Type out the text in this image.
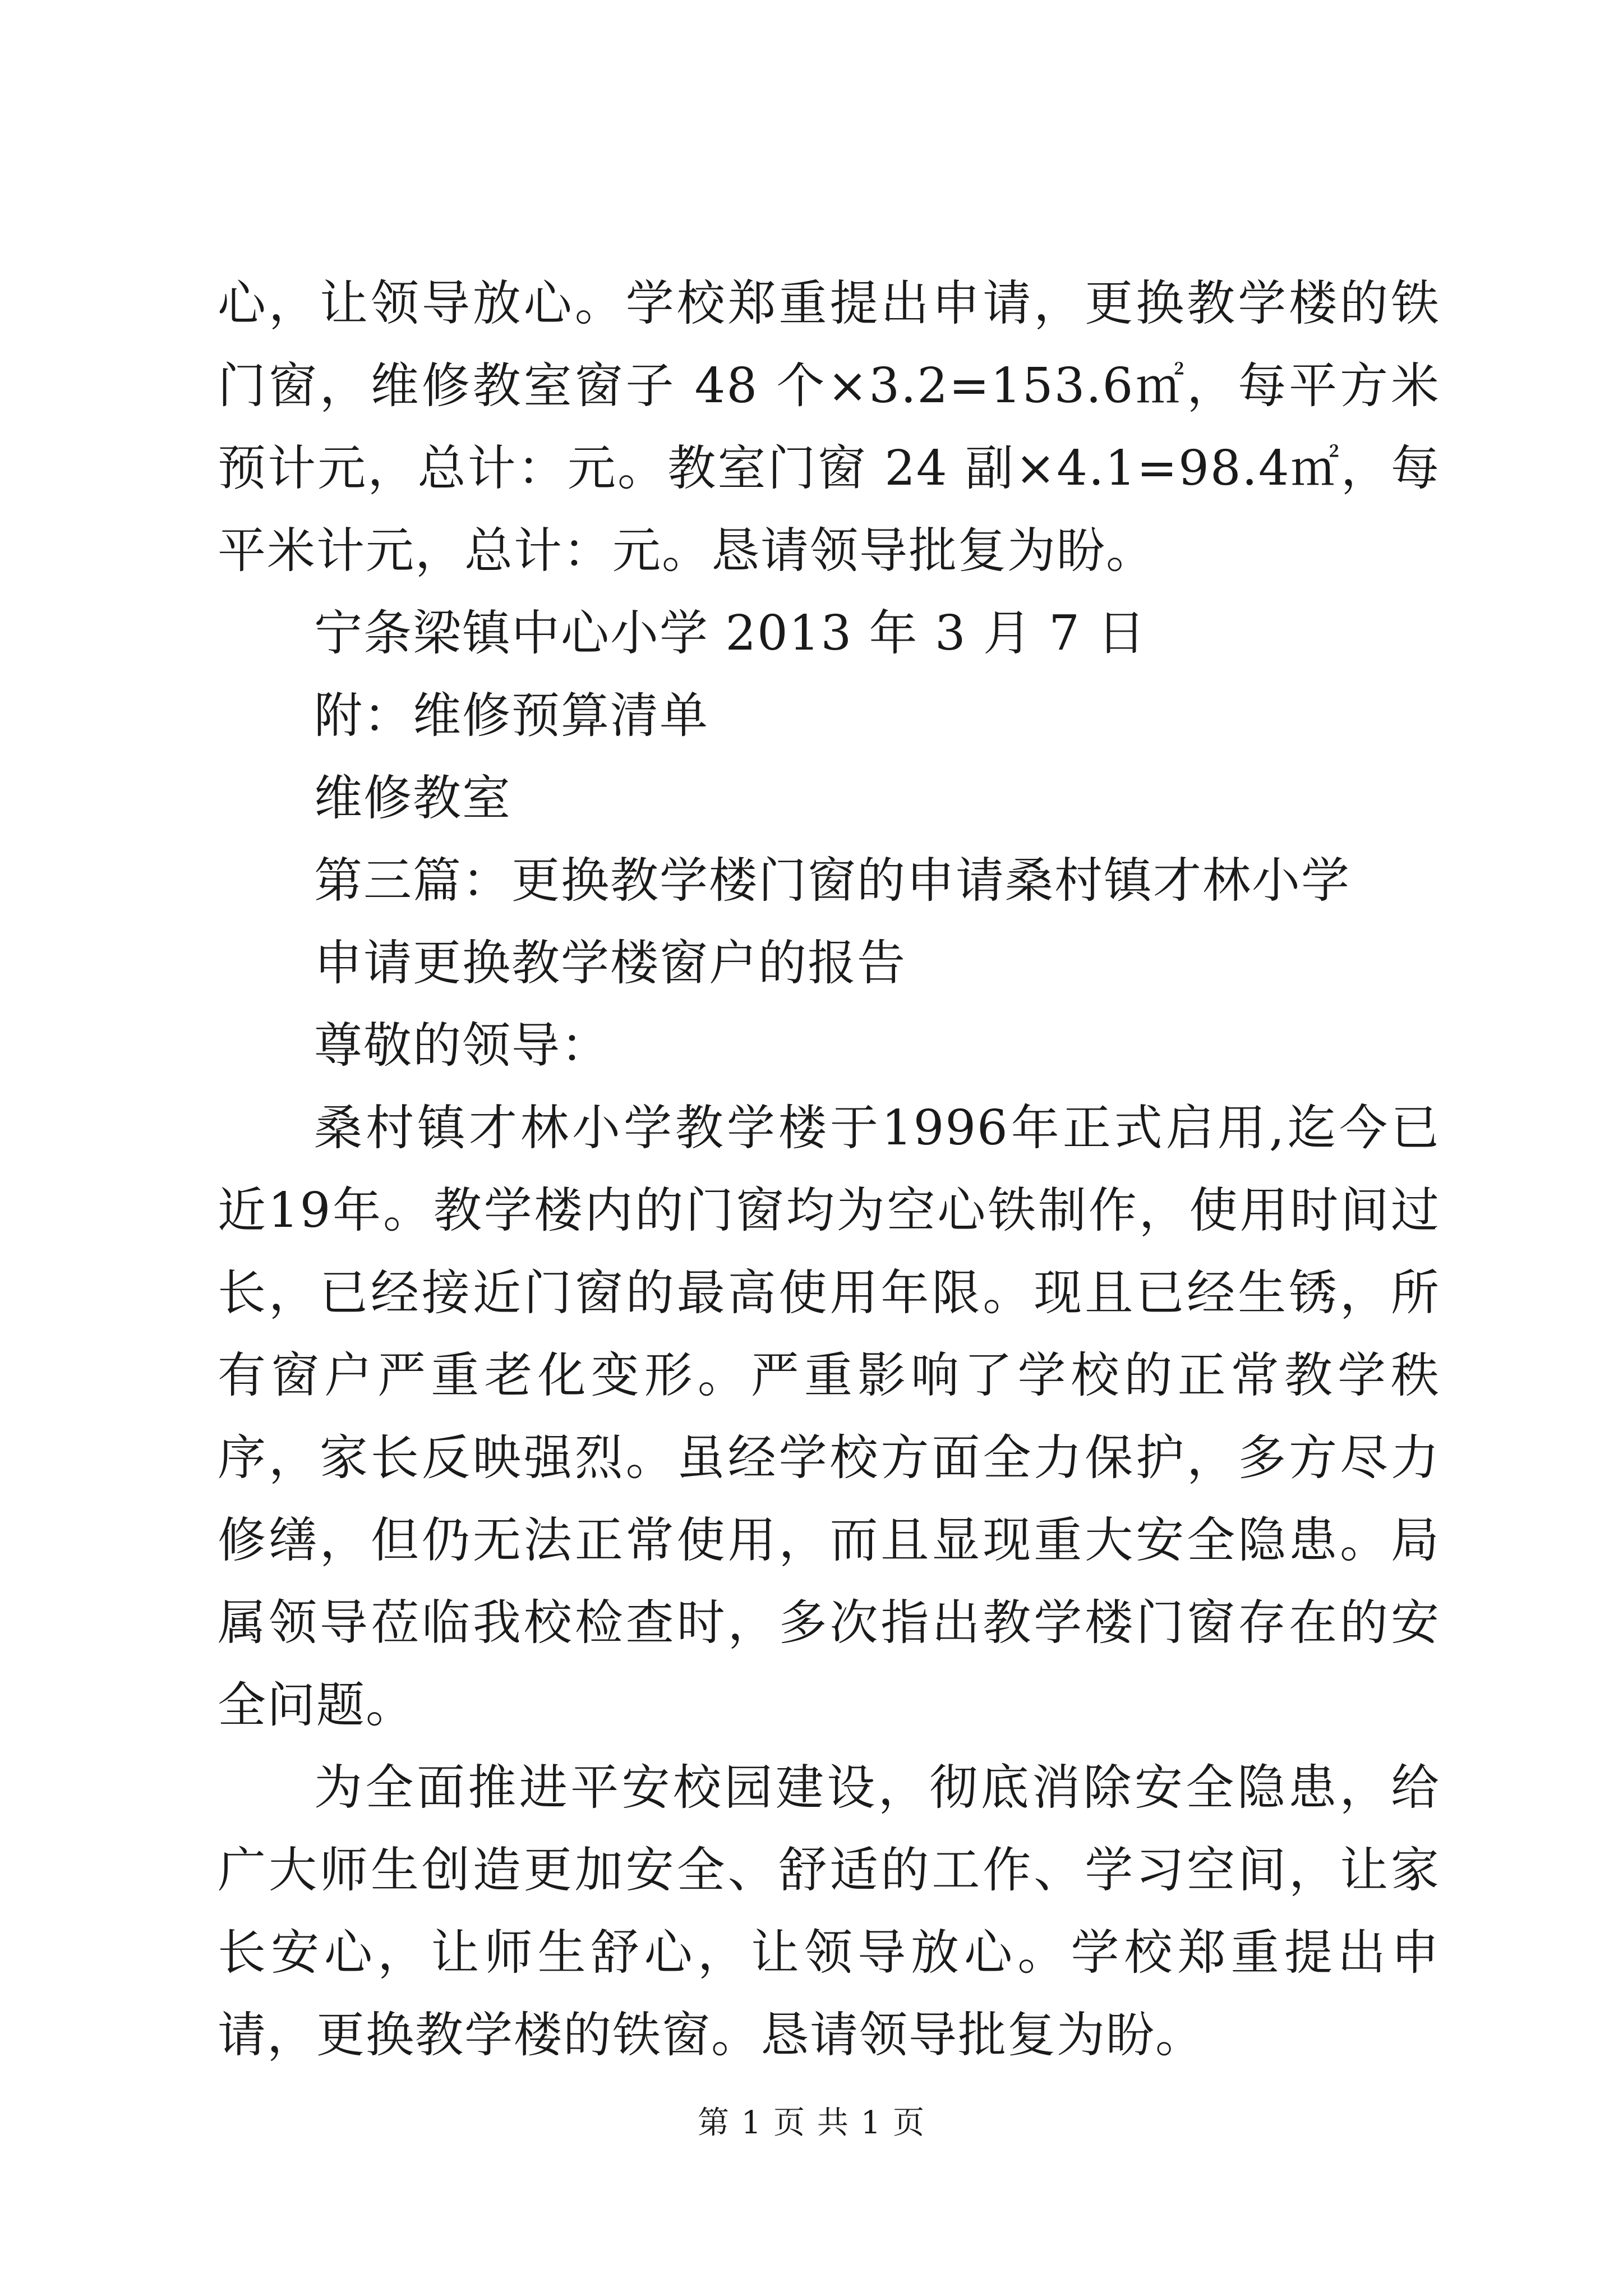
心，让领导放心。学校郑重提出申请，更换教学楼的铁门窗，维修教室窗子 48 个×3.2=153.6㎡，每平方米预计元，总计：元。教室门窗 24 副×4.1=98.4㎡，每平米计元，总计：元。恳请领导批复为盼。

宁条梁镇中心小学 2013 年 3 月 7 日

附：维修预算清单

维修教室

第三篇：更换教学楼门窗的申请桑村镇才林小学

申请更换教学楼窗户的报告

尊敬的领导：

桑村镇才林小学教学楼于1996年正式启用,迄今已近19年。教学楼内的门窗均为空心铁制作，使用时间过长，已经接近门窗的最高使用年限。现且已经生锈，所有窗户严重老化变形。严重影响了学校的正常教学秩序，家长反映强烈。虽经学校方面全力保护，多方尽力修缮，但仍无法正常使用，而且显现重大安全隐患。局属领导莅临我校检查时，多次指出教学楼门窗存在的安全问题。

为全面推进平安校园建设，彻底消除安全隐患，给广大师生创造更加安全、舒适的工作、学习空间，让家长安心，让师生舒心，让领导放心。学校郑重提出申请，更换教学楼的铁窗。恳请领导批复为盼。

第 1 页 共 1 页
